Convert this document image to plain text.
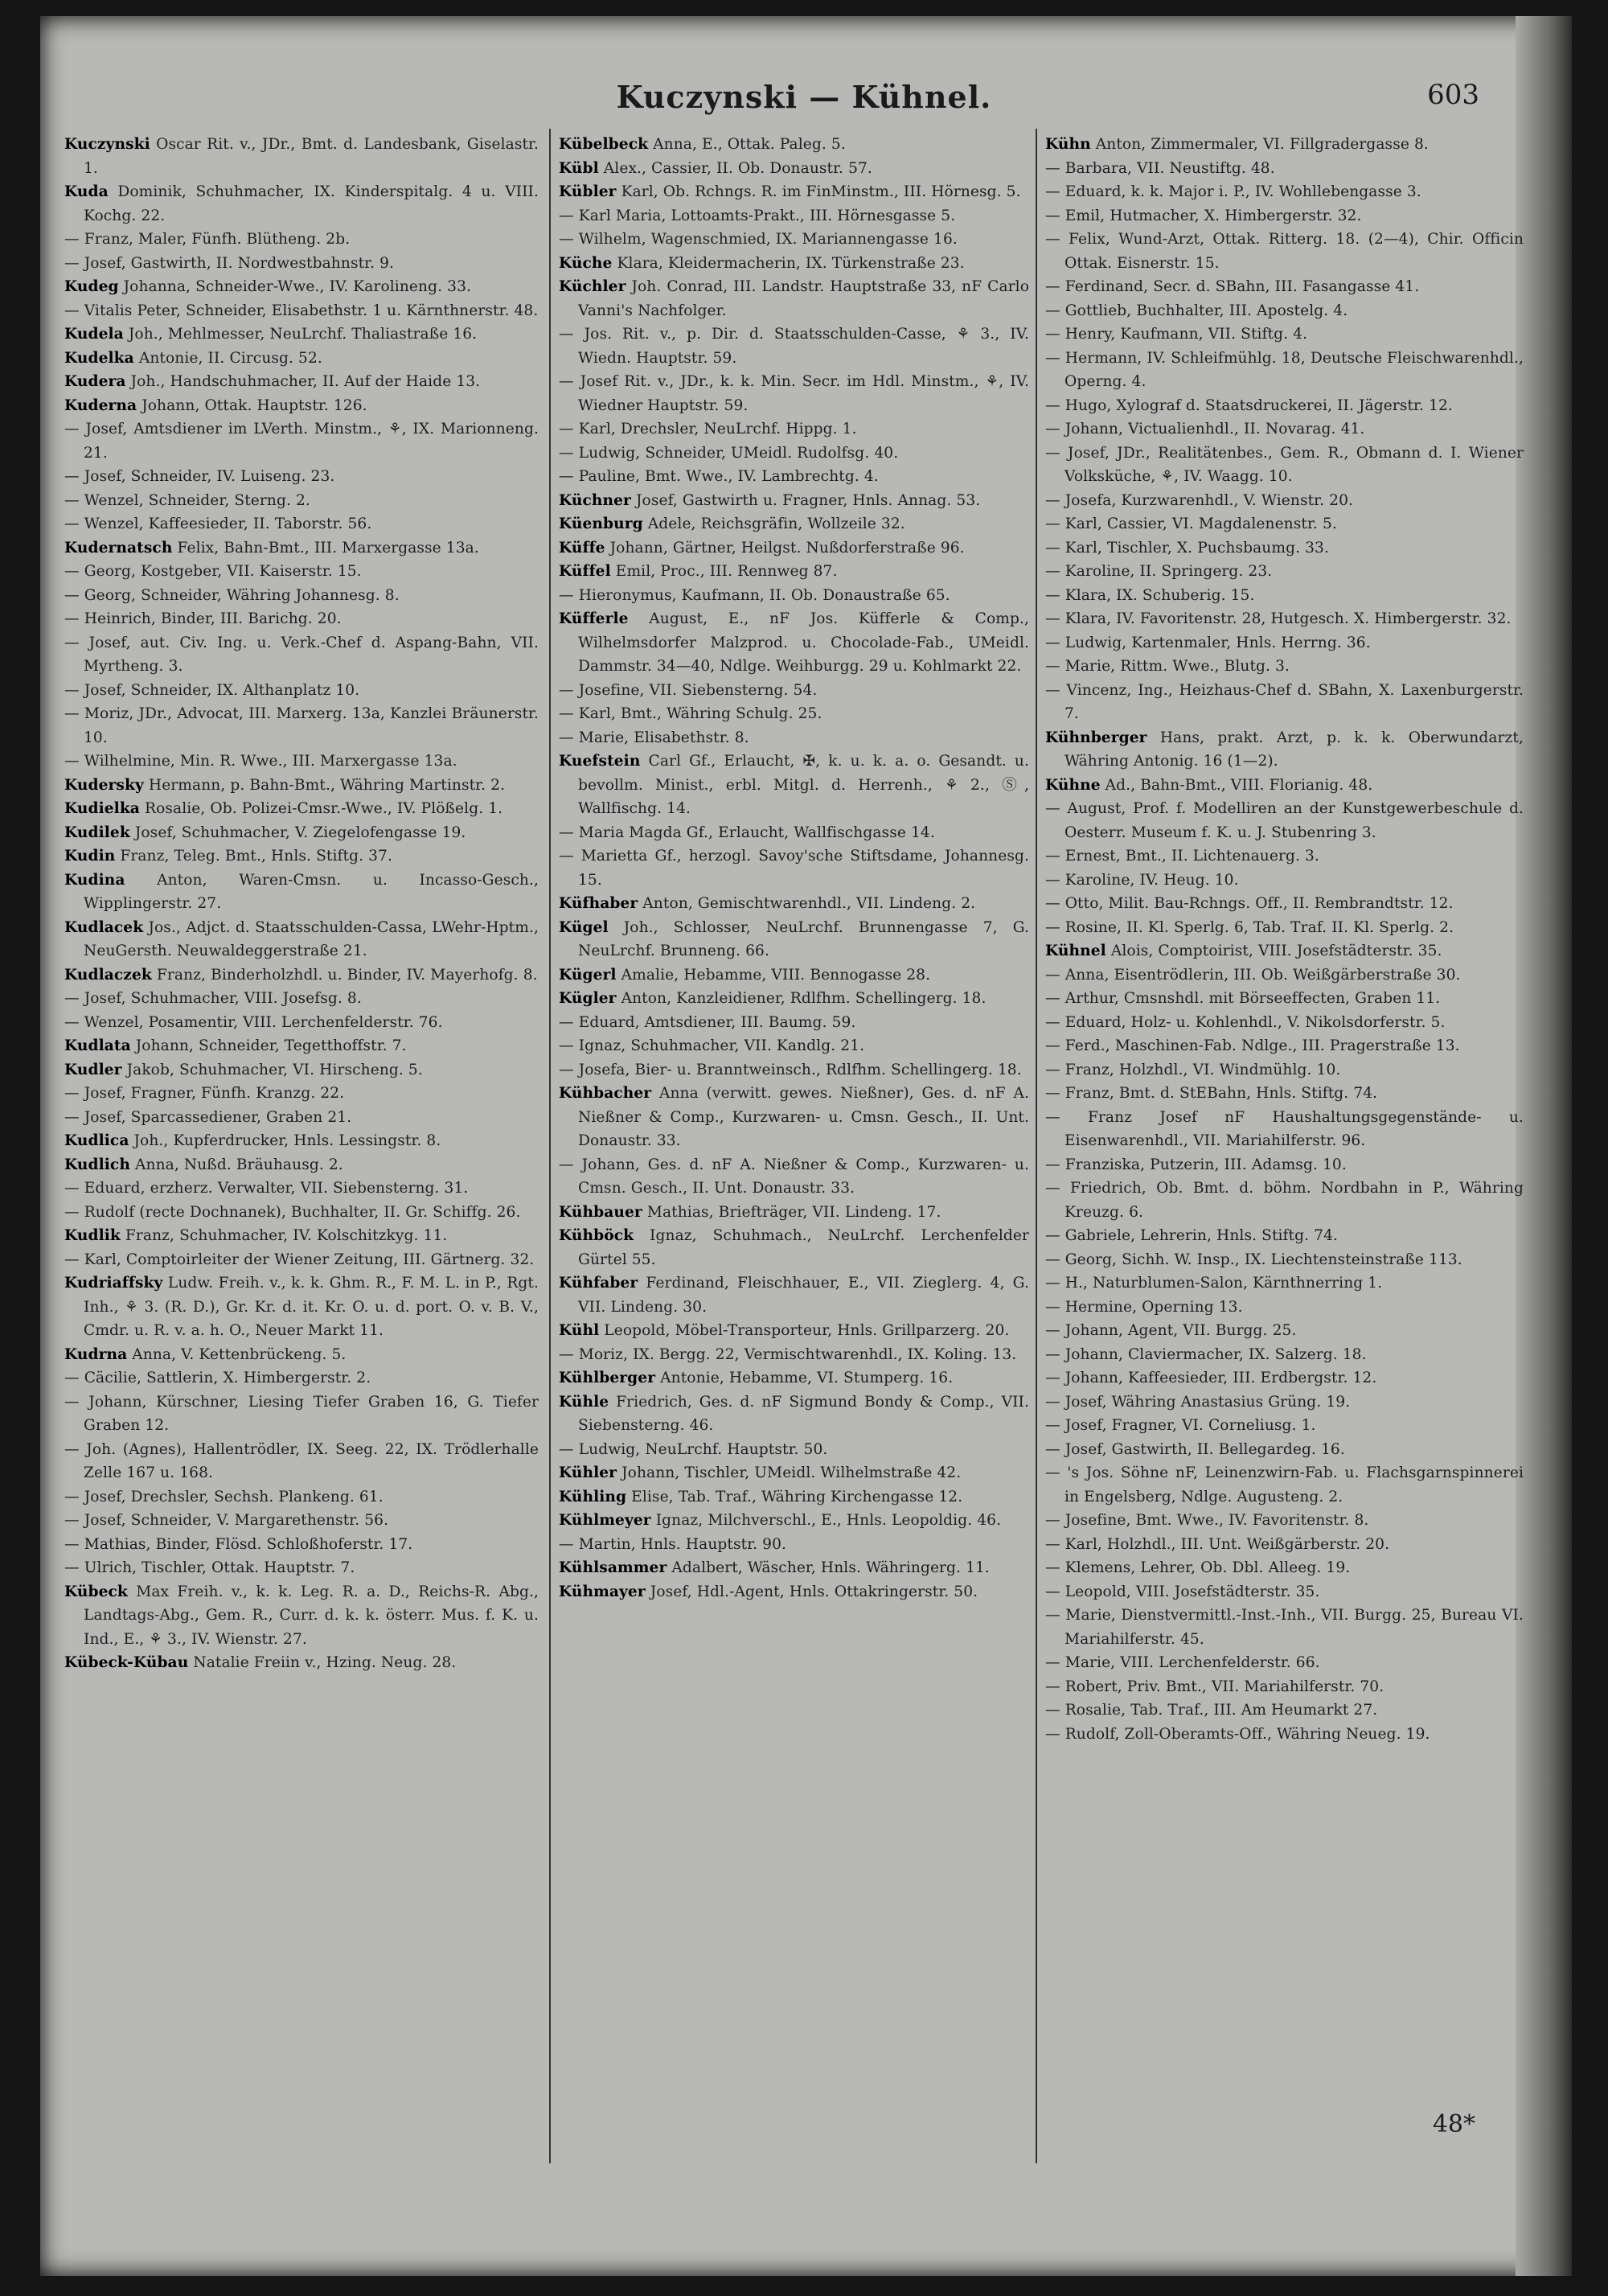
Kuczynski — Kühnel.	603
Kuczynski Oscar Rit. v., JDr., Bmt. d. Landesbank, Giselastr. 1.
Kuda Dominik, Schuhmacher, IX. Kinderspitalg. 4 u. VIII. Kochg. 22.
— Franz, Maler, Fünfh. Blütheng. 2b.
— Josef, Gastwirth, II. Nordwestbahnstr. 9.
Kudeg Johanna, Schneider-Wwe., IV. Karolineng. 33.
— Vitalis Peter, Schneider, Elisabethstr. 1 u. Kärnthnerstr. 48.
Kudela Joh., Mehlmesser, NeuLrchf. Thaliastraße 16.
Kudelka Antonie, II. Circusg. 52.
Kudera Joh., Handschuhmacher, II. Auf der Haide 13.
Kuderna Johann, Ottak. Hauptstr. 126.
— Josef, Amtsdiener im LVerth. Minstm., ⚘, IX. Marionneng. 21.
— Josef, Schneider, IV. Luiseng. 23.
— Wenzel, Schneider, Sterng. 2.
— Wenzel, Kaffeesieder, II. Taborstr. 56.
Kudernatsch Felix, Bahn-Bmt., III. Marxergasse 13a.
— Georg, Kostgeber, VII. Kaiserstr. 15.
— Georg, Schneider, Währing Johannesg. 8.
— Heinrich, Binder, III. Barichg. 20.
— Josef, aut. Civ. Ing. u. Verk.-Chef d. Aspang-Bahn, VII. Myrtheng. 3.
— Josef, Schneider, IX. Althanplatz 10.
— Moriz, JDr., Advocat, III. Marxerg. 13a, Kanzlei Bräunerstr. 10.
— Wilhelmine, Min. R. Wwe., III. Marxergasse 13a.
Kudersky Hermann, p. Bahn-Bmt., Währing Martinstr. 2.
Kudielka Rosalie, Ob. Polizei-Cmsr.-Wwe., IV. Plößelg. 1.
Kudilek Josef, Schuhmacher, V. Ziegelofengasse 19.
Kudin Franz, Teleg. Bmt., Hnls. Stiftg. 37.
Kudina Anton, Waren-Cmsn. u. Incasso-Gesch., Wipplingerstr. 27.
Kudlacek Jos., Adjct. d. Staatsschulden-Cassa, LWehr-Hptm., NeuGersth. Neuwaldeggerstraße 21.
Kudlaczek Franz, Binderholzhdl. u. Binder, IV. Mayerhofg. 8.
— Josef, Schuhmacher, VIII. Josefsg. 8.
— Wenzel, Posamentir, VIII. Lerchenfelderstr. 76.
Kudlata Johann, Schneider, Tegetthoffstr. 7.
Kudler Jakob, Schuhmacher, VI. Hirscheng. 5.
— Josef, Fragner, Fünfh. Kranzg. 22.
— Josef, Sparcassediener, Graben 21.
Kudlica Joh., Kupferdrucker, Hnls. Lessingstr. 8.
Kudlich Anna, Nußd. Bräuhausg. 2.
— Eduard, erzherz. Verwalter, VII. Siebensterng. 31.
— Rudolf (recte Dochnanek), Buchhalter, II. Gr. Schiffg. 26.
Kudlik Franz, Schuhmacher, IV. Kolschitzkyg. 11.
— Karl, Comptoirleiter der Wiener Zeitung, III. Gärtnerg. 32.
Kudriaffsky Ludw. Freih. v., k. k. Ghm. R., F. M. L. in P., Rgt. Inh., ⚘ 3. (R. D.), Gr. Kr. d. it. Kr. O. u. d. port. O. v. B. V., Cmdr. u. R. v. a. h. O., Neuer Markt 11.
Kudrna Anna, V. Kettenbrückeng. 5.
— Cäcilie, Sattlerin, X. Himbergerstr. 2.
— Johann, Kürschner, Liesing Tiefer Graben 16, G. Tiefer Graben 12.
— Joh. (Agnes), Hallentrödler, IX. Seeg. 22, IX. Trödlerhalle Zelle 167 u. 168.
— Josef, Drechsler, Sechsh. Plankeng. 61.
— Josef, Schneider, V. Margarethenstr. 56.
— Mathias, Binder, Flösd. Schloßhoferstr. 17.
— Ulrich, Tischler, Ottak. Hauptstr. 7.
Kübeck Max Freih. v., k. k. Leg. R. a. D., Reichs-R. Abg., Landtags-Abg., Gem. R., Curr. d. k. k. österr. Mus. f. K. u. Ind., E., ⚘ 3., IV. Wienstr. 27.
Kübeck-Kübau Natalie Freiin v., Hzing. Neug. 28.
Kübelbeck Anna, E., Ottak. Paleg. 5.
Kübl Alex., Cassier, II. Ob. Donaustr. 57.
Kübler Karl, Ob. Rchngs. R. im FinMinstm., III. Hörnesg. 5.
— Karl Maria, Lottoamts-Prakt., III. Hörnesgasse 5.
— Wilhelm, Wagenschmied, IX. Mariannengasse 16.
Küche Klara, Kleidermacherin, IX. Türkenstraße 23.
Küchler Joh. Conrad, III. Landstr. Hauptstraße 33, nF Carlo Vanni's Nachfolger.
— Jos. Rit. v., p. Dir. d. Staatsschulden-Casse, ⚘ 3., IV. Wiedn. Hauptstr. 59.
— Josef Rit. v., JDr., k. k. Min. Secr. im Hdl. Minstm., ⚘, IV. Wiedner Hauptstr. 59.
— Karl, Drechsler, NeuLrchf. Hippg. 1.
— Ludwig, Schneider, UMeidl. Rudolfsg. 40.
— Pauline, Bmt. Wwe., IV. Lambrechtg. 4.
Küchner Josef, Gastwirth u. Fragner, Hnls. Annag. 53.
Küenburg Adele, Reichsgräfin, Wollzeile 32.
Küffe Johann, Gärtner, Heilgst. Nußdorferstraße 96.
Küffel Emil, Proc., III. Rennweg 87.
— Hieronymus, Kaufmann, II. Ob. Donaustraße 65.
Küfferle August, E., nF Jos. Küfferle & Comp., Wilhelmsdorfer Malzprod. u. Chocolade-Fab., UMeidl. Dammstr. 34—40, Ndlge. Weihburgg. 29 u. Kohlmarkt 22.
— Josefine, VII. Siebensterng. 54.
— Karl, Bmt., Währing Schulg. 25.
— Marie, Elisabethstr. 8.
Kuefstein Carl Gf., Erlaucht, ✠, k. u. k. a. o. Gesandt. u. bevollm. Minist., erbl. Mitgl. d. Herrenh., ⚘ 2., Ⓢ, Wallfischg. 14.
— Maria Magda Gf., Erlaucht, Wallfischgasse 14.
— Marietta Gf., herzogl. Savoy'sche Stiftsdame, Johannesg. 15.
Küfhaber Anton, Gemischtwarenhdl., VII. Lindeng. 2.
Kügel Joh., Schlosser, NeuLrchf. Brunnengasse 7, G. NeuLrchf. Brunneng. 66.
Kügerl Amalie, Hebamme, VIII. Bennogasse 28.
Kügler Anton, Kanzleidiener, Rdlfhm. Schellingerg. 18.
— Eduard, Amtsdiener, III. Baumg. 59.
— Ignaz, Schuhmacher, VII. Kandlg. 21.
— Josefa, Bier- u. Branntweinsch., Rdlfhm. Schellingerg. 18.
Kühbacher Anna (verwitt. gewes. Nießner), Ges. d. nF A. Nießner & Comp., Kurzwaren- u. Cmsn. Gesch., II. Unt. Donaustr. 33.
— Johann, Ges. d. nF A. Nießner & Comp., Kurzwaren- u. Cmsn. Gesch., II. Unt. Donaustr. 33.
Kühbauer Mathias, Briefträger, VII. Lindeng. 17.
Kühböck Ignaz, Schuhmach., NeuLrchf. Lerchenfelder Gürtel 55.
Kühfaber Ferdinand, Fleischhauer, E., VII. Zieglerg. 4, G. VII. Lindeng. 30.
Kühl Leopold, Möbel-Transporteur, Hnls. Grillparzerg. 20.
— Moriz, IX. Bergg. 22, Vermischtwarenhdl., IX. Koling. 13.
Kühlberger Antonie, Hebamme, VI. Stumperg. 16.
Kühle Friedrich, Ges. d. nF Sigmund Bondy & Comp., VII. Siebensterng. 46.
— Ludwig, NeuLrchf. Hauptstr. 50.
Kühler Johann, Tischler, UMeidl. Wilhelmstraße 42.
Kühling Elise, Tab. Traf., Währing Kirchengasse 12.
Kühlmeyer Ignaz, Milchverschl., E., Hnls. Leopoldig. 46.
— Martin, Hnls. Hauptstr. 90.
Kühlsammer Adalbert, Wäscher, Hnls. Währingerg. 11.
Kühmayer Josef, Hdl.-Agent, Hnls. Ottakringerstr. 50.
Kühn Anton, Zimmermaler, VI. Fillgradergasse 8.
— Barbara, VII. Neustiftg. 48.
— Eduard, k. k. Major i. P., IV. Wohllebengasse 3.
— Emil, Hutmacher, X. Himbergerstr. 32.
— Felix, Wund-Arzt, Ottak. Ritterg. 18. (2—4), Chir. Officin Ottak. Eisnerstr. 15.
— Ferdinand, Secr. d. SBahn, III. Fasangasse 41.
— Gottlieb, Buchhalter, III. Apostelg. 4.
— Henry, Kaufmann, VII. Stiftg. 4.
— Hermann, IV. Schleifmühlg. 18, Deutsche Fleischwarenhdl., Operng. 4.
— Hugo, Xylograf d. Staatsdruckerei, II. Jägerstr. 12.
— Johann, Victualienhdl., II. Novarag. 41.
— Josef, JDr., Realitätenbes., Gem. R., Obmann d. I. Wiener Volksküche, ⚘, IV. Waagg. 10.
— Josefa, Kurzwarenhdl., V. Wienstr. 20.
— Karl, Cassier, VI. Magdalenenstr. 5.
— Karl, Tischler, X. Puchsbaumg. 33.
— Karoline, II. Springerg. 23.
— Klara, IX. Schuberig. 15.
— Klara, IV. Favoritenstr. 28, Hutgesch. X. Himbergerstr. 32.
— Ludwig, Kartenmaler, Hnls. Herrng. 36.
— Marie, Rittm. Wwe., Blutg. 3.
— Vincenz, Ing., Heizhaus-Chef d. SBahn, X. Laxenburgerstr. 7.
Kühnberger Hans, prakt. Arzt, p. k. k. Oberwundarzt, Währing Antonig. 16 (1—2).
Kühne Ad., Bahn-Bmt., VIII. Florianig. 48.
— August, Prof. f. Modelliren an der Kunstgewerbeschule d. Oesterr. Museum f. K. u. J. Stubenring 3.
— Ernest, Bmt., II. Lichtenauerg. 3.
— Karoline, IV. Heug. 10.
— Otto, Milit. Bau-Rchngs. Off., II. Rembrandtstr. 12.
— Rosine, II. Kl. Sperlg. 6, Tab. Traf. II. Kl. Sperlg. 2.
Kühnel Alois, Comptoirist, VIII. Josefstädterstr. 35.
— Anna, Eisentrödlerin, III. Ob. Weißgärberstraße 30.
— Arthur, Cmsnshdl. mit Börseeffecten, Graben 11.
— Eduard, Holz- u. Kohlenhdl., V. Nikolsdorferstr. 5.
— Ferd., Maschinen-Fab. Ndlge., III. Pragerstraße 13.
— Franz, Holzhdl., VI. Windmühlg. 10.
— Franz, Bmt. d. StEBahn, Hnls. Stiftg. 74.
— Franz Josef nF Haushaltungsgegenstände- u. Eisenwarenhdl., VII. Mariahilferstr. 96.
— Franziska, Putzerin, III. Adamsg. 10.
— Friedrich, Ob. Bmt. d. böhm. Nordbahn in P., Währing Kreuzg. 6.
— Gabriele, Lehrerin, Hnls. Stiftg. 74.
— Georg, Sichh. W. Insp., IX. Liechtensteinstraße 113.
— H., Naturblumen-Salon, Kärnthnerring 1.
— Hermine, Operning 13.
— Johann, Agent, VII. Burgg. 25.
— Johann, Claviermacher, IX. Salzerg. 18.
— Johann, Kaffeesieder, III. Erdbergstr. 12.
— Josef, Währing Anastasius Grüng. 19.
— Josef, Fragner, VI. Corneliusg. 1.
— Josef, Gastwirth, II. Bellegardeg. 16.
— 's Jos. Söhne nF, Leinenzwirn-Fab. u. Flachsgarnspinnerei in Engelsberg, Ndlge. Augusteng. 2.
— Josefine, Bmt. Wwe., IV. Favoritenstr. 8.
— Karl, Holzhdl., III. Unt. Weißgärberstr. 20.
— Klemens, Lehrer, Ob. Dbl. Alleeg. 19.
— Leopold, VIII. Josefstädterstr. 35.
— Marie, Dienstvermittl.-Inst.-Inh., VII. Burgg. 25, Bureau VI. Mariahilferstr. 45.
— Marie, VIII. Lerchenfelderstr. 66.
— Robert, Priv. Bmt., VII. Mariahilferstr. 70.
— Rosalie, Tab. Traf., III. Am Heumarkt 27.
— Rudolf, Zoll-Oberamts-Off., Währing Neueg. 19.
48*
